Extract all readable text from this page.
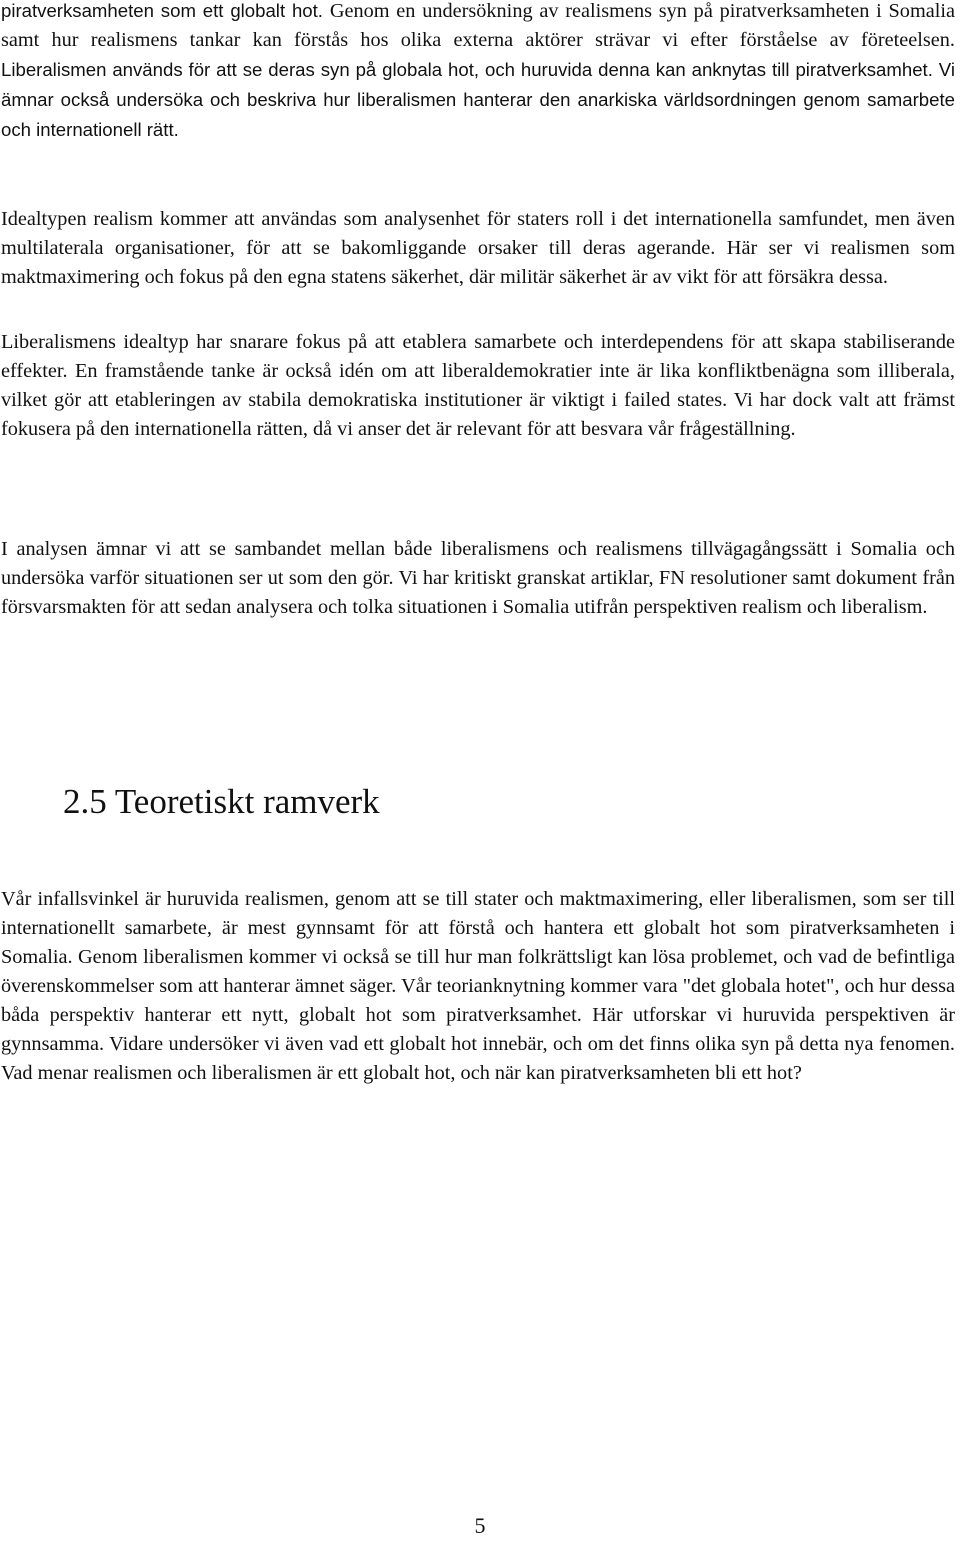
piratverksamheten som ett globalt hot. Genom en undersökning av realismens syn på piratverksamheten i Somalia samt hur realismens tankar kan förstås hos olika externa aktörer strävar vi efter förståelse av företeelsen. Liberalismen används för att se deras syn på globala hot, och huruvida denna kan anknytas till piratverksamhet. Vi ämnar också undersöka och beskriva hur liberalismen hanterar den anarkiska världsordningen genom samarbete och internationell rätt.

Idealtypen realism kommer att användas som analysenhet för staters roll i det internationella samfundet, men även multilaterala organisationer, för att se bakomliggande orsaker till deras agerande. Här ser vi realismen som maktmaximering och fokus på den egna statens säkerhet, där militär säkerhet är av vikt för att försäkra dessa.

Liberalismens idealtyp har snarare fokus på att etablera samarbete och interdependens för att skapa stabiliserande effekter. En framstående tanke är också idén om att liberaldemokratier inte är lika konfliktbenägna som illiberala, vilket gör att etableringen av stabila demokratiska institutioner är viktigt i failed states. Vi har dock valt att främst fokusera på den internationella rätten, då vi anser det är relevant för att besvara vår frågeställning.

I analysen ämnar vi att se sambandet mellan både liberalismens och realismens tillvägagångssätt i Somalia och undersöka varför situationen ser ut som den gör. Vi har kritiskt granskat artiklar, FN resolutioner samt dokument från försvarsmakten för att sedan analysera och tolka situationen i Somalia utifrån perspektiven realism och liberalism.

2.5 Teoretiskt ramverk

Vår infallsvinkel är huruvida realismen, genom att se till stater och maktmaximering, eller liberalismen, som ser till internationellt samarbete, är mest gynnsamt för att förstå och hantera ett globalt hot som piratverksamheten i Somalia. Genom liberalismen kommer vi också se till hur man folkrättsligt kan lösa problemet, och vad de befintliga överenskommelser som att hanterar ämnet säger. Vår teorianknytning kommer vara "det globala hotet", och hur dessa båda perspektiv hanterar ett nytt, globalt hot som piratverksamhet. Här utforskar vi huruvida perspektiven är gynnsamma. Vidare undersöker vi även vad ett globalt hot innebär, och om det finns olika syn på detta nya fenomen. Vad menar realismen och liberalismen är ett globalt hot, och när kan piratverksamheten bli ett hot?

5
